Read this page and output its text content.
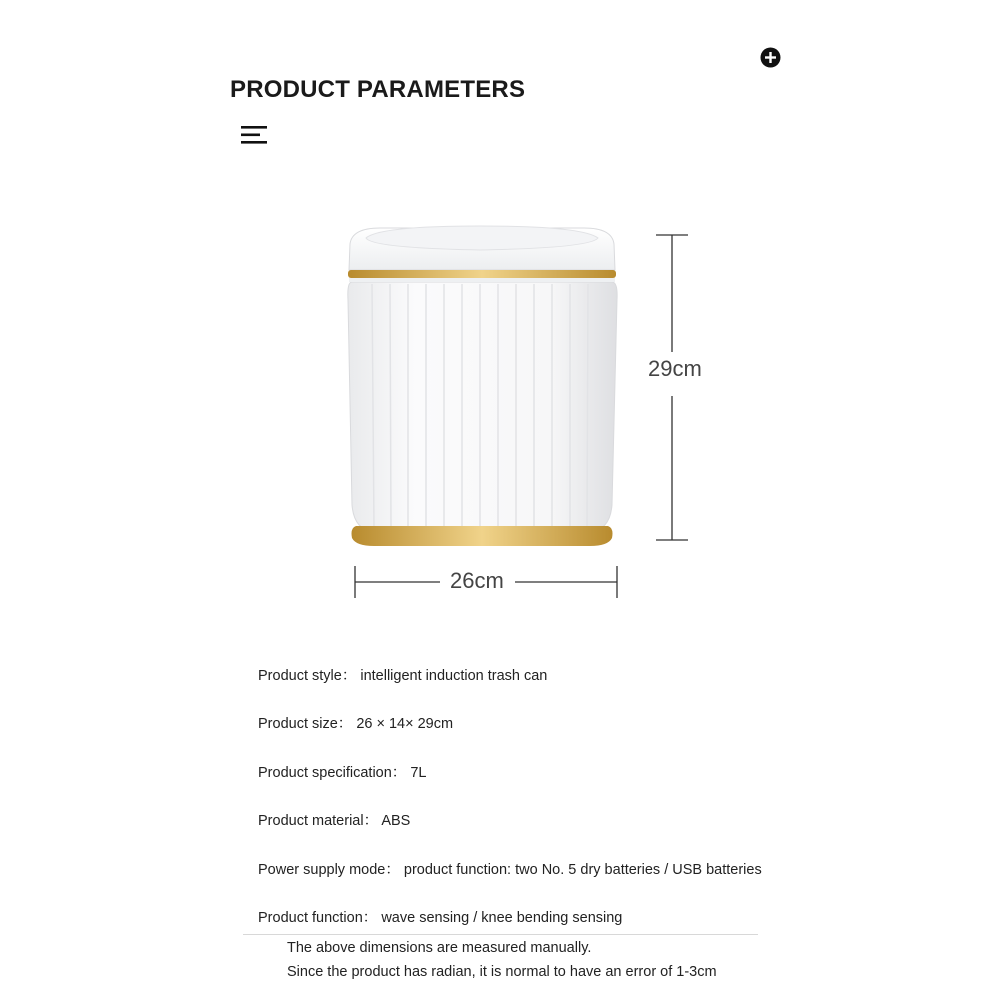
PRODUCT PARAMETERS
29cm
26cm
Product style： intelligent induction trash can
Product size： 26 × 14× 29cm
Product specification： 7L
Product material： ABS
Power supply mode： product function: two No. 5 dry batteries / USB batteries
Product function： wave sensing / knee bending sensing
The above dimensions are measured manually.
Since the product has radian, it is normal to have an error of 1-3cm
